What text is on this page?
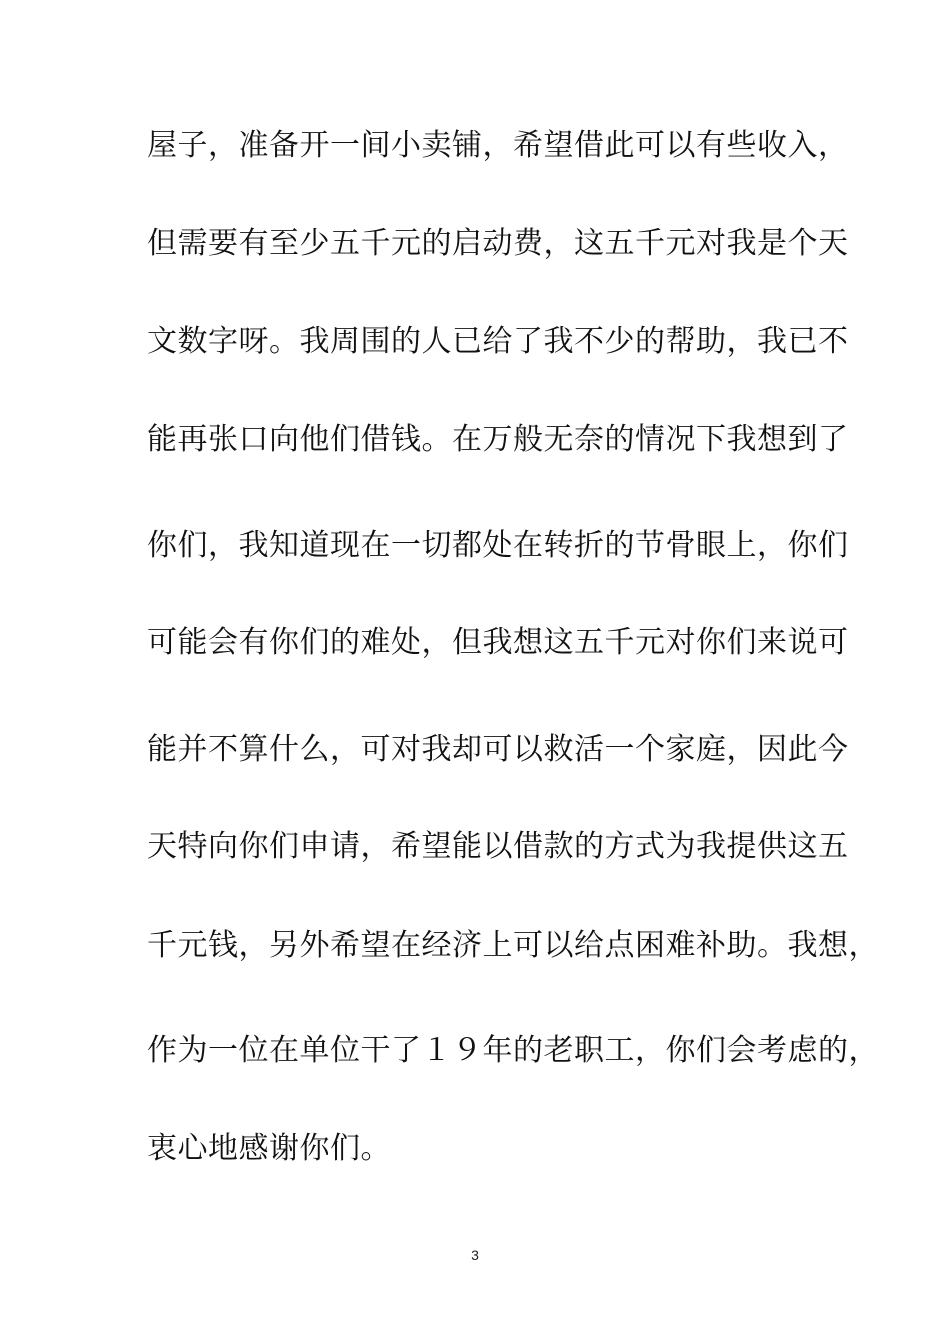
屋子，准备开一间小卖铺，希望借此可以有些收入，
但需要有至少五千元的启动费，这五千元对我是个天
文数字呀。我周围的人已给了我不少的帮助，我已不
能再张口向他们借钱。在万般无奈的情况下我想到了
你们，我知道现在一切都处在转折的节骨眼上，你们
可能会有你们的难处，但我想这五千元对你们来说可
能并不算什么，可对我却可以救活一个家庭，因此今
天特向你们申请，希望能以借款的方式为我提供这五
千元钱，另外希望在经济上可以给点困难补助。我想，
作为一位在单位干了１９年的老职工，你们会考虑的，
衷心地感谢你们。
3
